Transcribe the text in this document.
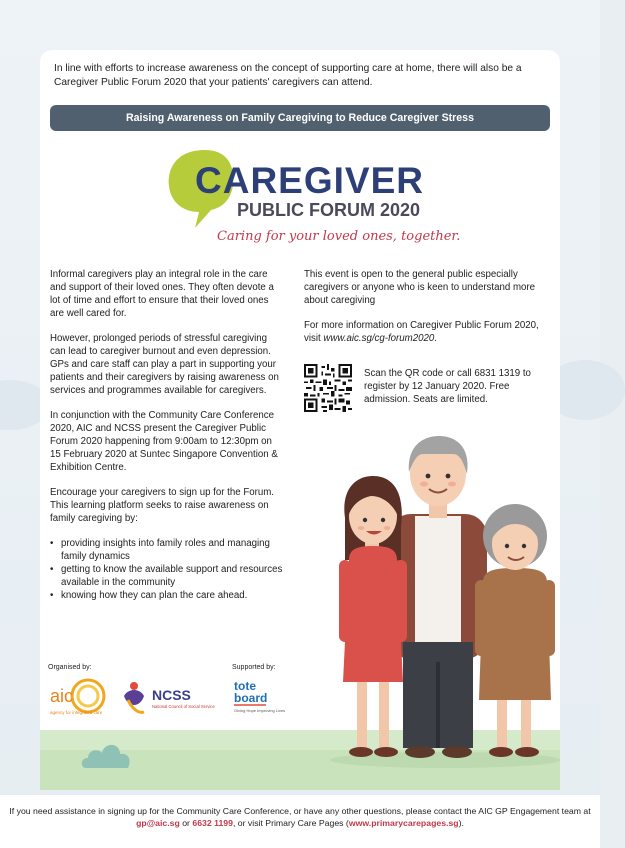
In line with efforts to increase awareness on the concept of supporting care at home, there will also be a Caregiver Public Forum 2020 that your patients' caregivers can attend.

Raising Awareness on Family Caregiving to Reduce Caregiver Stress
CAREGIVER
PUBLIC FORUM 2020
Caring for your loved ones, together.

Informal caregivers play an integral role in the care and support of their loved ones. They often devote a lot of time and effort to ensure that their loved ones are well cared for.

However, prolonged periods of stressful caregiving can lead to caregiver burnout and even depression. GPs and care staff can play a part in supporting your patients and their caregivers by raising awareness on services and programmes available for caregivers.

In conjunction with the Community Care Conference 2020, AIC and NCSS present the Caregiver Public Forum 2020 happening from 9:00am to 12:30pm on 15 February 2020 at Suntec Singapore Convention & Exhibition Centre.

Encourage your caregivers to sign up for the Forum. This learning platform seeks to raise awareness on family caregiving by:

• providing insights into family roles and managing family dynamics
• getting to know the available support and resources available in the community
• knowing how they can plan the care ahead.

This event is open to the general public especially caregivers or anyone who is keen to understand more about caregiving

For more information on Caregiver Public Forum 2020, visit www.aic.sg/cg-forum2020.

Scan the QR code or call 6831 1319 to register by 12 January 2020. Free admission. Seats are limited.

Organised by:	Supported by:
aic
agency for integrated care
NCSS
National Council of Social Service
tote
board
Giving Hope Improving Lives
If you need assistance in signing up for the Community Care Conference, or have any other questions, please contact the AIC GP Engagement team at gp@aic.sg or 6632 1199, or visit Primary Care Pages (www.primarycarepages.sg).
